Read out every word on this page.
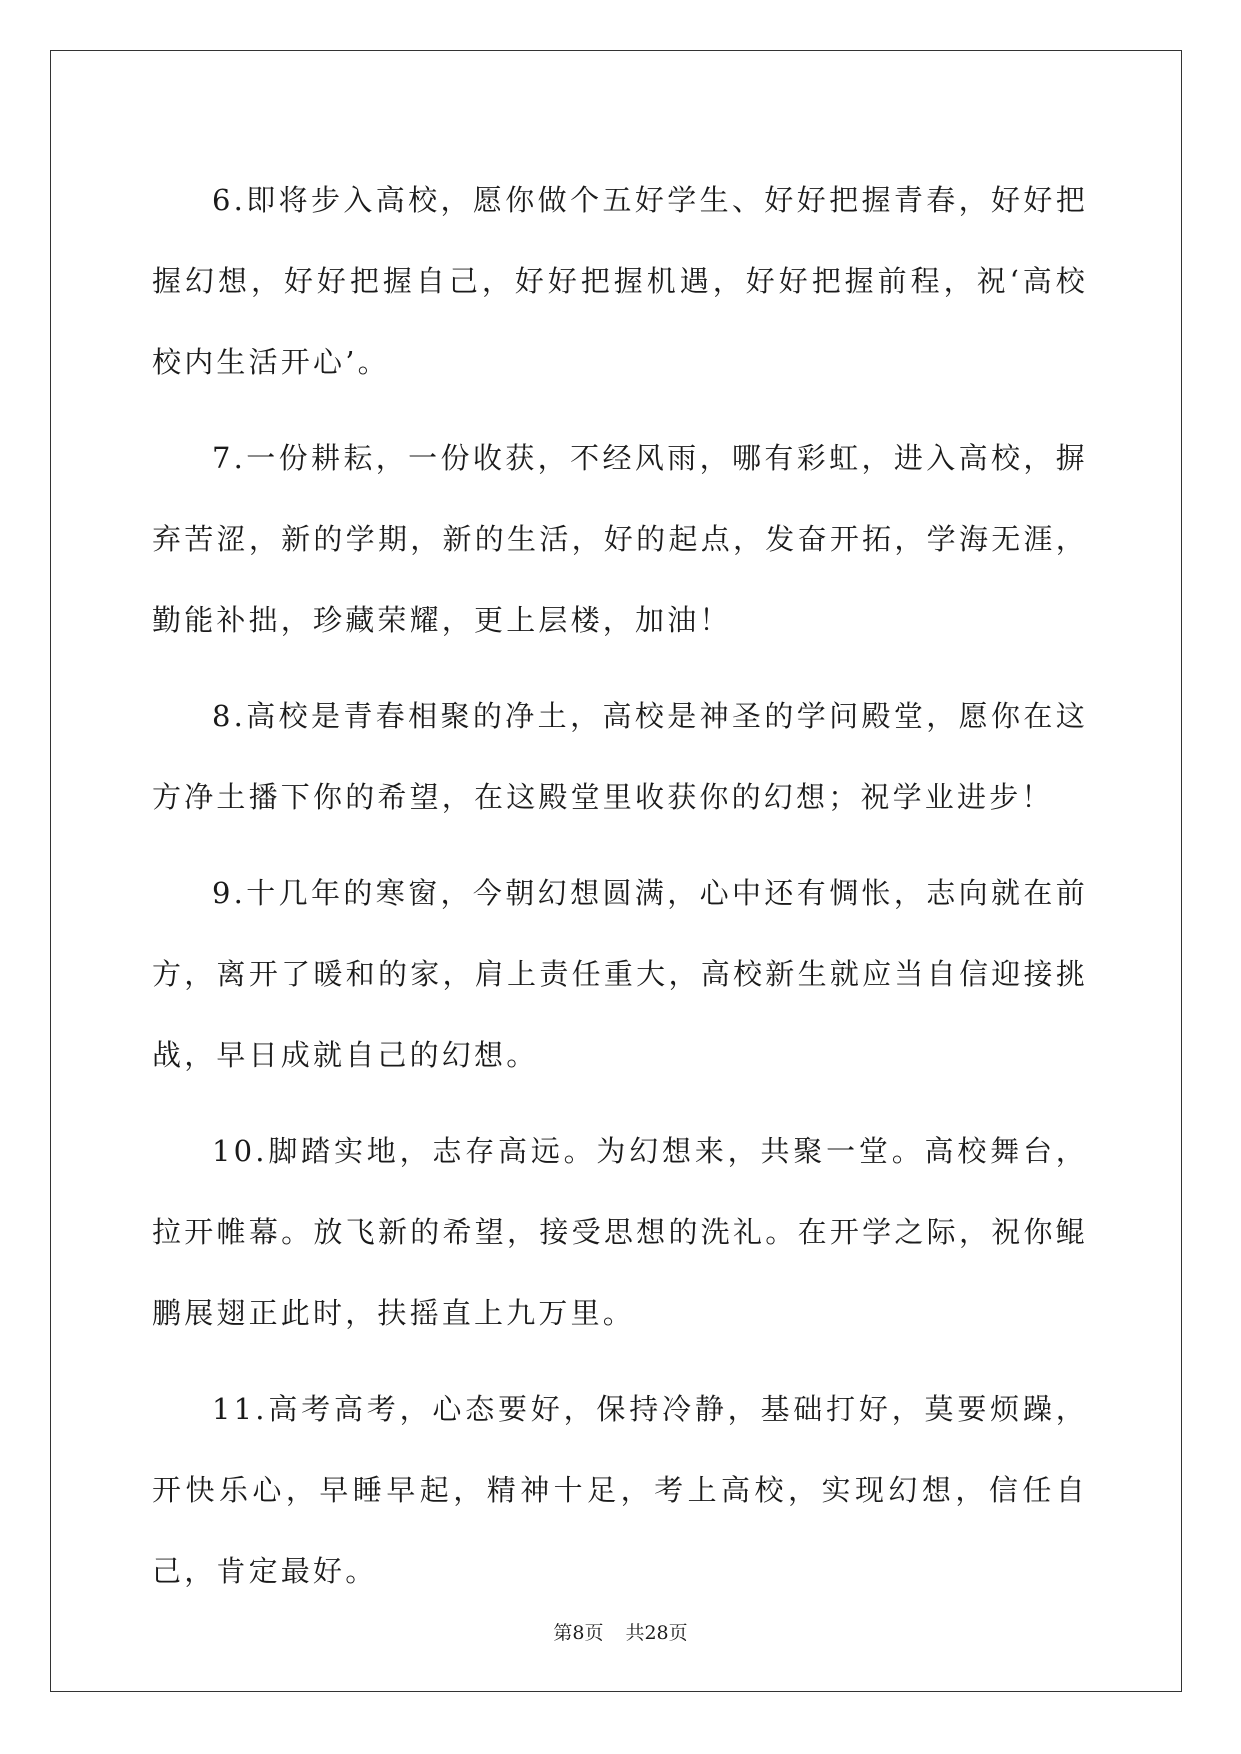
6.即将步入高校，愿你做个五好学生、好好把握青春，好好把握幻想，好好把握自己，好好把握机遇，好好把握前程，祝‘高校校内生活开心’。

7.一份耕耘，一份收获，不经风雨，哪有彩虹，进入高校，摒弃苦涩，新的学期，新的生活，好的起点，发奋开拓，学海无涯，勤能补拙，珍藏荣耀，更上层楼，加油！

8.高校是青春相聚的净土，高校是神圣的学问殿堂，愿你在这方净土播下你的希望，在这殿堂里收获你的幻想；祝学业进步！

9.十几年的寒窗，今朝幻想圆满，心中还有惆怅，志向就在前方，离开了暖和的家，肩上责任重大，高校新生就应当自信迎接挑战，早日成就自己的幻想。

10.脚踏实地，志存高远。为幻想来，共聚一堂。高校舞台，拉开帷幕。放飞新的希望，接受思想的洗礼。在开学之际，祝你鲲鹏展翅正此时，扶摇直上九万里。

11.高考高考，心态要好，保持冷静，基础打好，莫要烦躁，开快乐心，早睡早起，精神十足，考上高校，实现幻想，信任自己，肯定最好。

第8页 共28页
